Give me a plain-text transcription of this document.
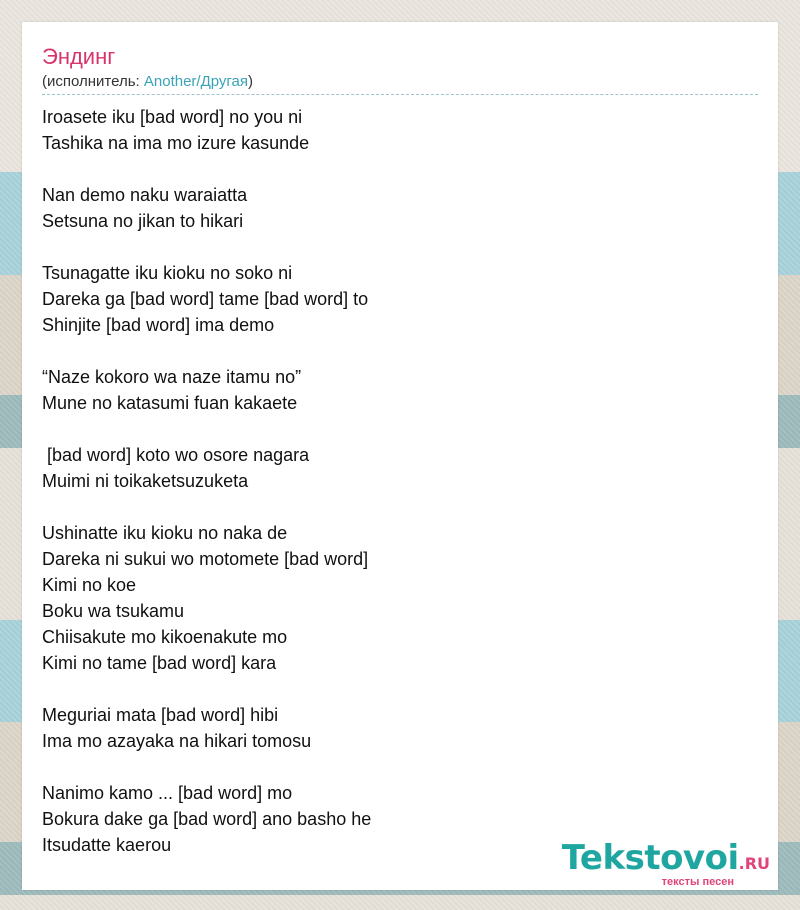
Эндинг
(исполнитель: Another/Другая)
Iroasete iku [bad word] no you ni
Tashika na ima mo izure kasunde
Nan demo naku waraiatta
Setsuna no jikan to hikari
Tsunagatte iku kioku no soko ni
Dareka ga [bad word] tame [bad word] to
Shinjite [bad word] ima demo
“Naze kokoro wa naze itamu no”
Mune no katasumi fuan kakaete
[bad word] koto wo osore nagara
Muimi ni toikaketsuzuketa
Ushinatte iku kioku no naka de
Dareka ni sukui wo motomete [bad word]
Kimi no koe
Boku wa tsukamu
Chiisakute mo kikoenakute mo
Kimi no tame [bad word] kara
Meguriai mata [bad word] hibi
Ima mo azayaka na hikari tomosu
Nanimo kamo ... [bad word] mo
Bokura dake ga [bad word] ano basho he
Itsudatte kaerou	Tekstovoi.RU
тексты песен
